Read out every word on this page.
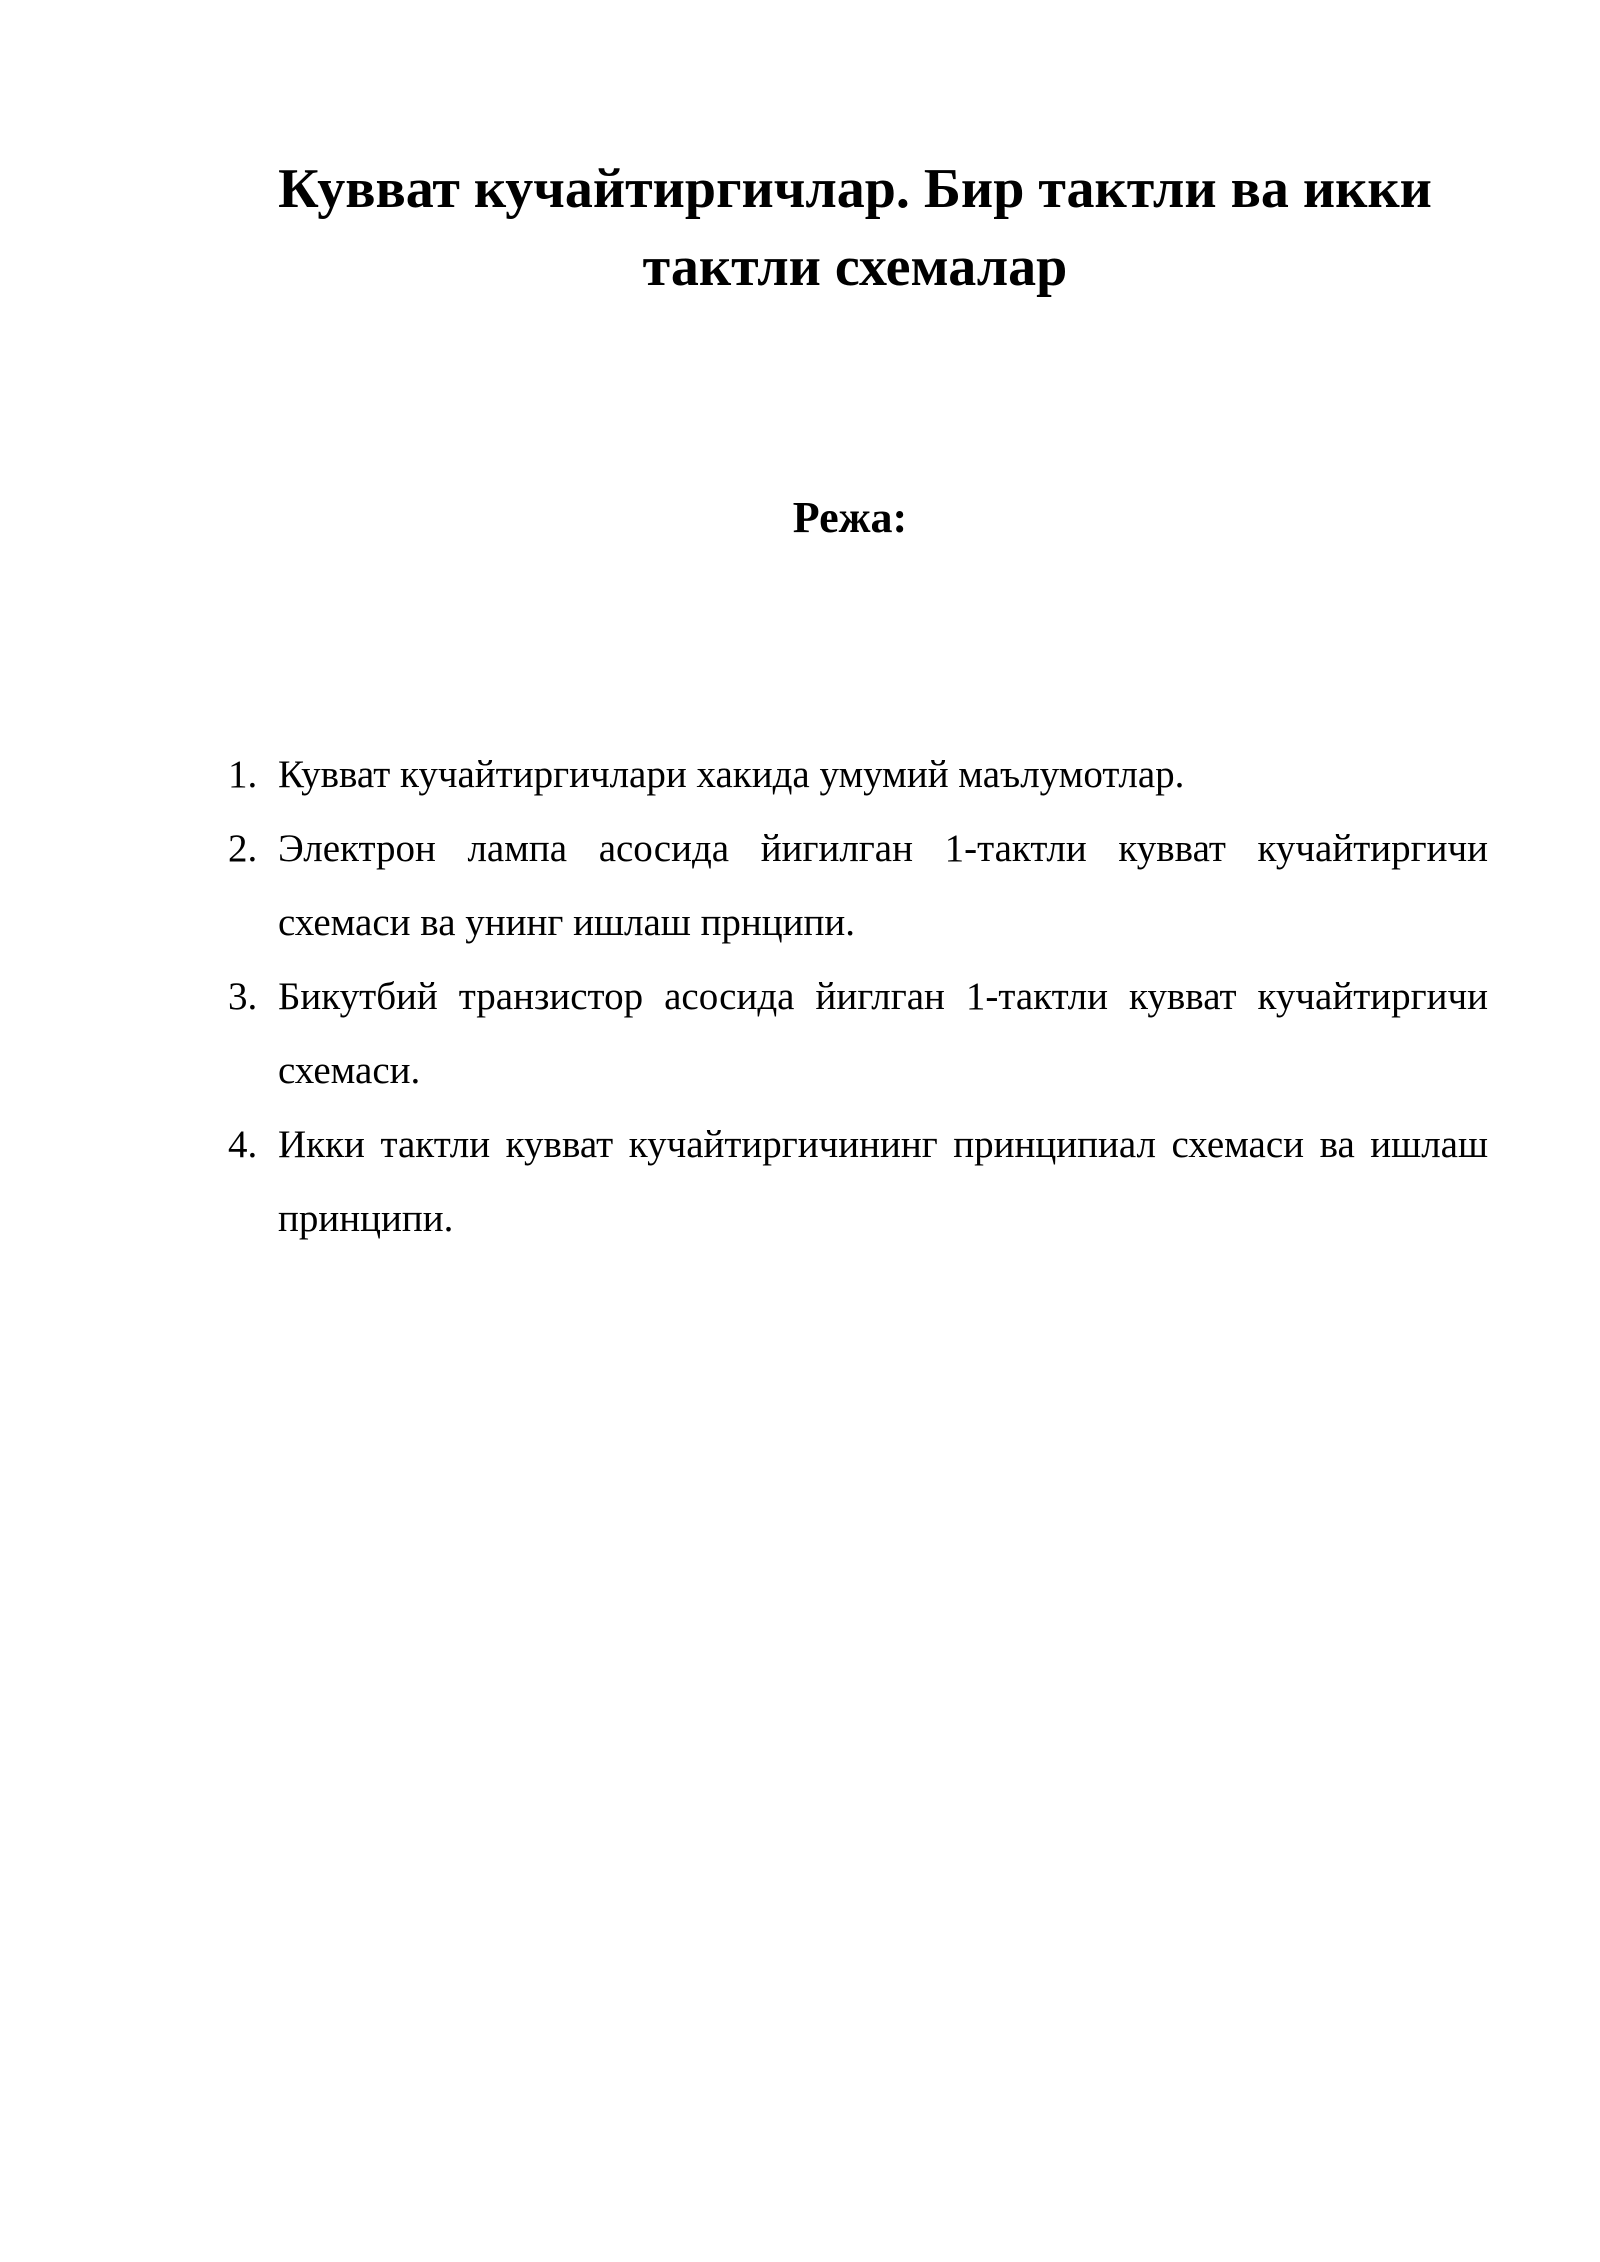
Кувват кучайтиргичлар. Бир тактли ва икки тактли схемалар
Режа:
1. Кувват кучайтиргичлари хакида умумий маълумотлар.
2. Электрон лампа асосида йигилган 1-тактли кувват кучайтиргичи схемаси ва унинг ишлаш прнципи.
3. Бикутбий транзистор асосида йиглган 1-тактли кувват кучайтиргичи схемаси.
4. Икки тактли кувват кучайтиргичининг принципиал схемаси ва ишлаш принципи.
